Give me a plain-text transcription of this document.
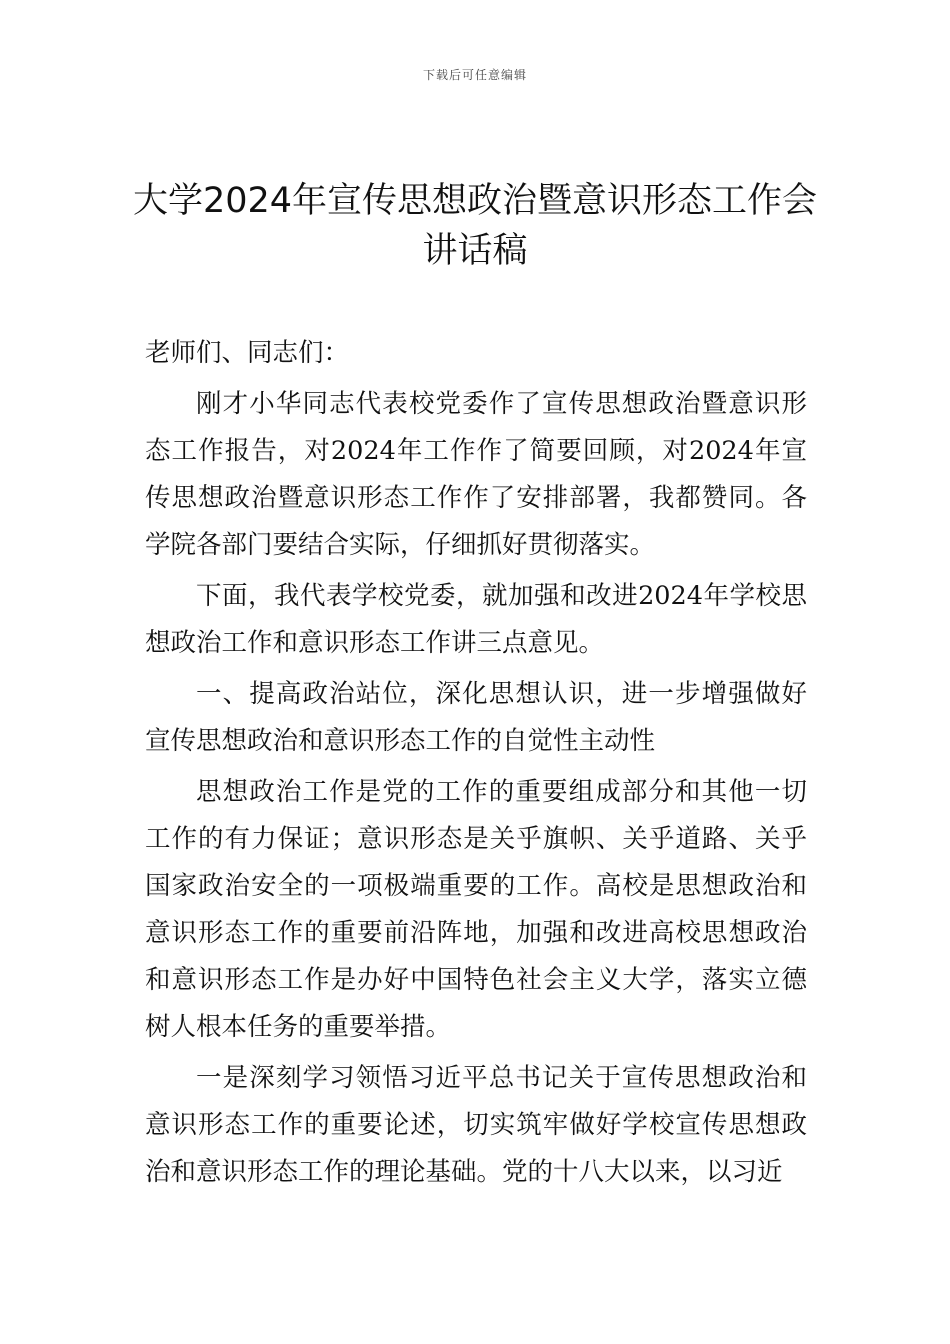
下载后可任意编辑
大学2024年宣传思想政治暨意识形态工作会讲话稿

老师们、同志们：

刚才小华同志代表校党委作了宣传思想政治暨意识形态工作报告，对2024年工作作了简要回顾，对2024年宣传思想政治暨意识形态工作作了安排部署，我都赞同。各学院各部门要结合实际，仔细抓好贯彻落实。

下面，我代表学校党委，就加强和改进2024年学校思想政治工作和意识形态工作讲三点意见。

一、提高政治站位，深化思想认识，进一步增强做好宣传思想政治和意识形态工作的自觉性主动性

思想政治工作是党的工作的重要组成部分和其他一切工作的有力保证；意识形态是关乎旗帜、关乎道路、关乎国家政治安全的一项极端重要的工作。高校是思想政治和意识形态工作的重要前沿阵地，加强和改进高校思想政治和意识形态工作是办好中国特色社会主义大学，落实立德树人根本任务的重要举措。

一是深刻学习领悟习近平总书记关于宣传思想政治和意识形态工作的重要论述，切实筑牢做好学校宣传思想政治和意识形态工作的理论基础。党的十八大以来，以习近
